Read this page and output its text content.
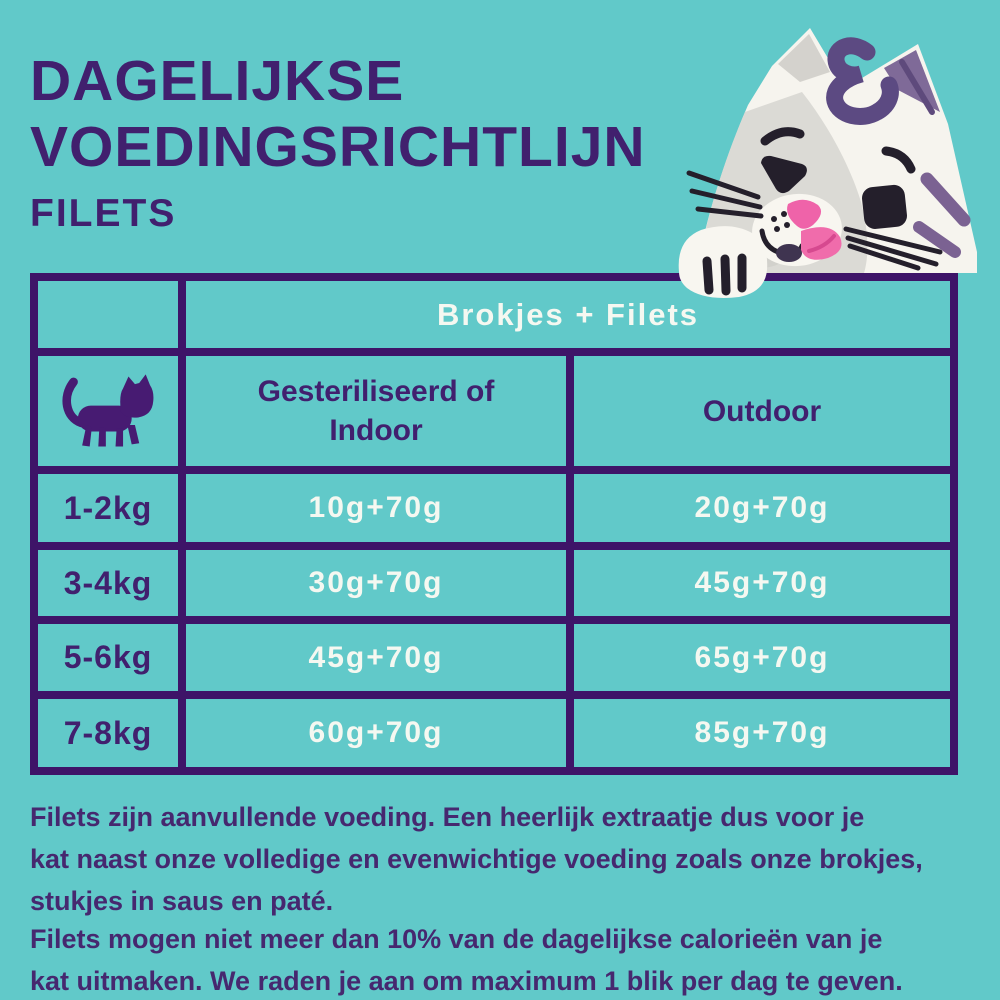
DAGELIJKSE
VOEDINGSRICHTLIJN
FILETS
	Brokjes + Filets	

	Gesteriliseerd of Indoor	Outdoor
1-2kg	10g+70g	20g+70g
3-4kg	30g+70g	45g+70g
5-6kg	45g+70g	65g+70g
7-8kg	60g+70g	85g+70g
Filets zijn aanvullende voeding. Een heerlijk extraatje dus voor je
kat naast onze volledige en evenwichtige voeding zoals onze brokjes,
stukjes in saus en paté.
Filets mogen niet meer dan 10% van de dagelijkse calorieën van je
kat uitmaken. We raden je aan om maximum 1 blik per dag te geven.
